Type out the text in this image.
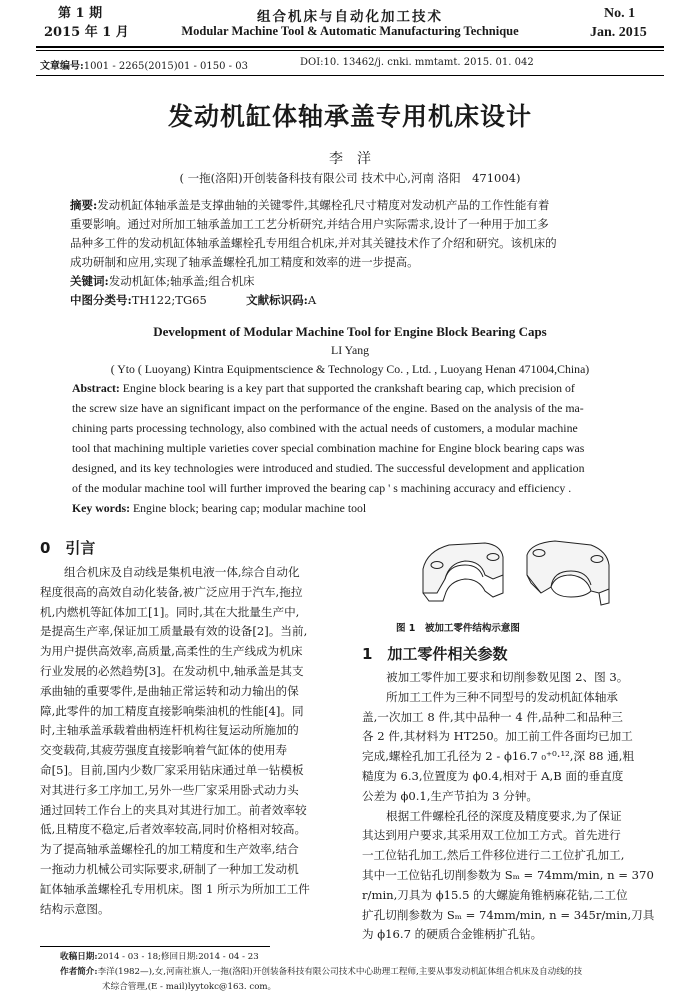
第 1 期
2015 年 1 月
组合机床与自动化加工技术
Modular Machine Tool & Automatic Manufacturing Technique
No. 1
Jan. 2015
文章编号:1001 - 2265(2015)01 - 0150 - 03	DOI:10. 13462/j. cnki. mmtamt. 2015. 01. 042
发动机缸体轴承盖专用机床设计
李　洋
( 一拖(洛阳)开创装备科技有限公司 技术中心,河南 洛阳　471004)
摘要:发动机缸体轴承盖是支撑曲轴的关键零件,其螺栓孔尺寸精度对发动机产品的工作性能有着
重要影响。通过对所加工轴承盖加工工艺分析研究,并结合用户实际需求,设计了一种用于加工多
品种多工件的发动机缸体轴承盖螺栓孔专用组合机床,并对其关键技术作了介绍和研究。该机床的
成功研制和应用,实现了轴承盖螺栓孔加工精度和效率的进一步提高。
关键词:发动机缸体;轴承盖;组合机床
中图分类号:TH122;TG65	文献标识码:A
Development of Modular Machine Tool for Engine Block Bearing Caps
LI Yang
( Yto ( Luoyang) Kintra Equipmentscience & Technology Co. , Ltd. , Luoyang Henan 471004,China)
Abstract: Engine block bearing is a key part that supported the crankshaft bearing cap, which precision of
the screw size have an significant impact on the performance of the engine. Based on the analysis of the ma-
chining parts processing technology, also combined with the actual needs of customers, a modular machine
tool that machining multiple varieties cover special combination machine for Engine block bearing caps was
designed, and its key technologies were introduced and studied. The successful development and application
of the modular machine tool will further improved the bearing cap ' s machining accuracy and efficiency .
Key words: Engine block; bearing cap; modular machine tool
0　引言
组合机床及自动线是集机电液一体,综合自动化
程度很高的高效自动化装备,被广泛应用于汽车,拖拉
机,内燃机等缸体加工[1]。同时,其在大批量生产中,
是提高生产率,保证加工质量最有效的设备[2]。当前,
为用户提供高效率,高质量,高柔性的生产线成为机床
行业发展的必然趋势[3]。在发动机中,轴承盖是其支
承曲轴的重要零件,是曲轴正常运转和动力输出的保
障,此零件的加工精度直接影响柴油机的性能[4]。同
时,主轴承盖承载着曲柄连杆机构往复运动所施加的
交变载荷,其疲劳强度直接影响着气缸体的使用寿
命[5]。目前,国内少数厂家采用钻床通过单一钻模板
对其进行多工序加工,另外一些厂家采用卧式动力头
通过回转工作台上的夹具对其进行加工。前者效率较
低,且精度不稳定,后者效率较高,同时价格相对较高。
为了提高轴承盖螺栓孔的加工精度和生产效率,结合
一拖动力机械公司实际要求,研制了一种加工发动机
缸体轴承盖螺栓孔专用机床。图 1 所示为所加工工件
结构示意图。
图 1　被加工零件结构示意图
1　加工零件相关参数
被加工零件加工要求和切削参数见图 2、图 3。
所加工工件为三种不同型号的发动机缸体轴承
盖,一次加工 8 件,其中品种一 4 件,品种二和品种三
各 2 件,其材料为 HT250。加工前工件各面均已加工
完成,螺栓孔加工孔径为 2 - ϕ16.7 ₀⁺⁰·¹²,深 88 通,粗
糙度为 6.3,位置度为 ϕ0.4,相对于 A,B 面的垂直度
公差为 ϕ0.1,生产节拍为 3 分钟。
根据工件螺栓孔径的深度及精度要求,为了保证
其达到用户要求,其采用双工位加工方式。首先进行
一工位钻孔加工,然后工件移位进行二工位扩孔加工,
其中一工位钻孔切削参数为 Sₘ = 74mm/min, n = 370
r/min,刀具为 ϕ15.5 的大螺旋角锥柄麻花钻,二工位
扩孔切削参数为 Sₘ = 74mm/min, n = 345r/min,刀具
为 ϕ16.7 的硬质合金锥柄扩孔钻。
收稿日期:2014 - 03 - 18;修回日期:2014 - 04 - 23
作者简介:李洋(1982—),女,河南社旗人,一拖(洛阳)开创装备科技有限公司技术中心助理工程师,主要从事发动机缸体组合机床及自动线的技
术综合管理,(E - mail)lyytokc@163. com。
